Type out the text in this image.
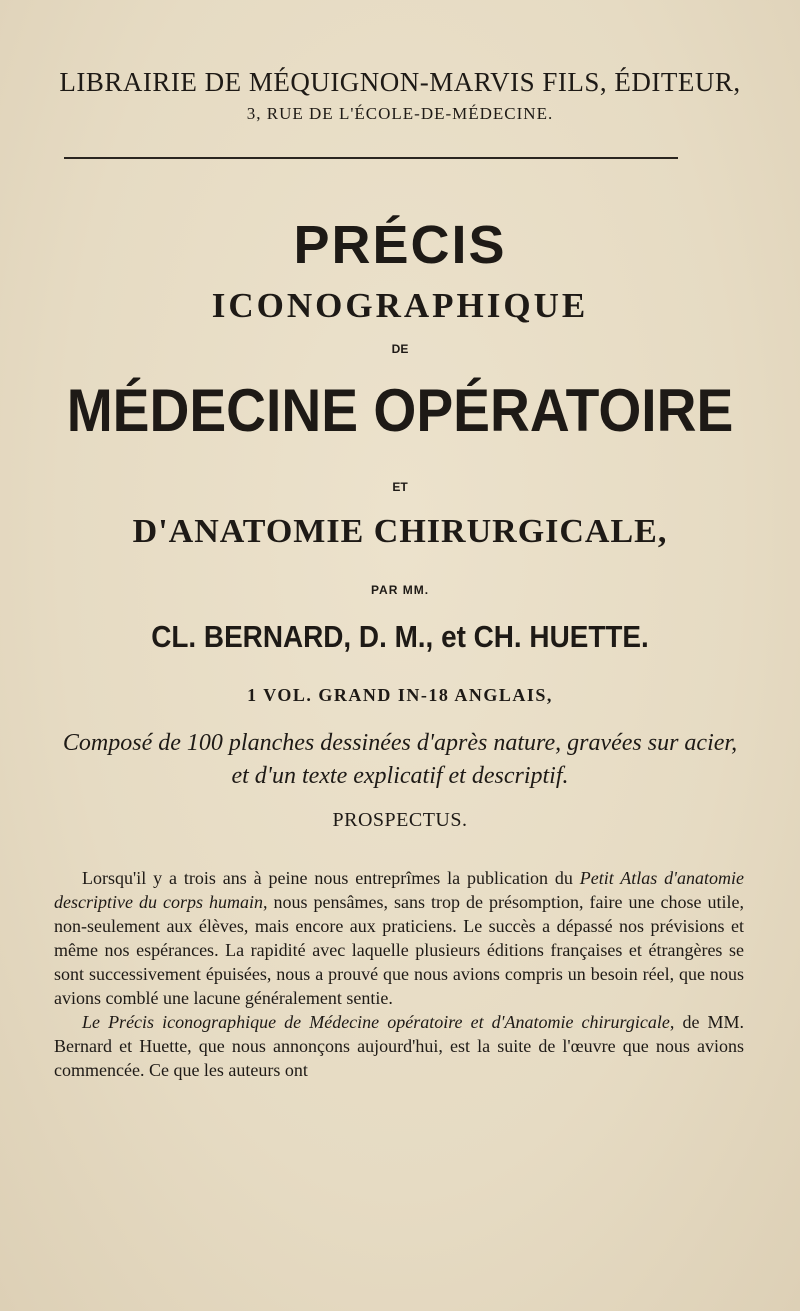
LIBRAIRIE DE MÉQUIGNON-MARVIS FILS, ÉDITEUR,
3, RUE DE L'ÉCOLE-DE-MÉDECINE.
PRÉCIS
ICONOGRAPHIQUE
DE
MÉDECINE OPÉRATOIRE
ET
D'ANATOMIE CHIRURGICALE,
PAR MM.
CL. BERNARD, D. M., et CH. HUETTE.
1 VOL. GRAND IN-18 ANGLAIS,
Composé de 100 planches dessinées d'après nature, gravées sur acier, et d'un texte explicatif et descriptif.
PROSPECTUS.

Lorsqu'il y a trois ans à peine nous entreprîmes la publication du Petit Atlas d'anatomie descriptive du corps humain, nous pensâmes, sans trop de présomption, faire une chose utile, non-seulement aux élèves, mais encore aux praticiens. Le succès a dépassé nos prévisions et même nos espérances. La rapidité avec laquelle plusieurs éditions françaises et étrangères se sont successivement épuisées, nous a prouvé que nous avions compris un besoin réel, que nous avions comblé une lacune généralement sentie.

Le Précis iconographique de Médecine opératoire et d'Anatomie chirurgicale, de MM. Bernard et Huette, que nous annonçons aujourd'hui, est la suite de l'œuvre que nous avions commencée. Ce que les auteurs ont
